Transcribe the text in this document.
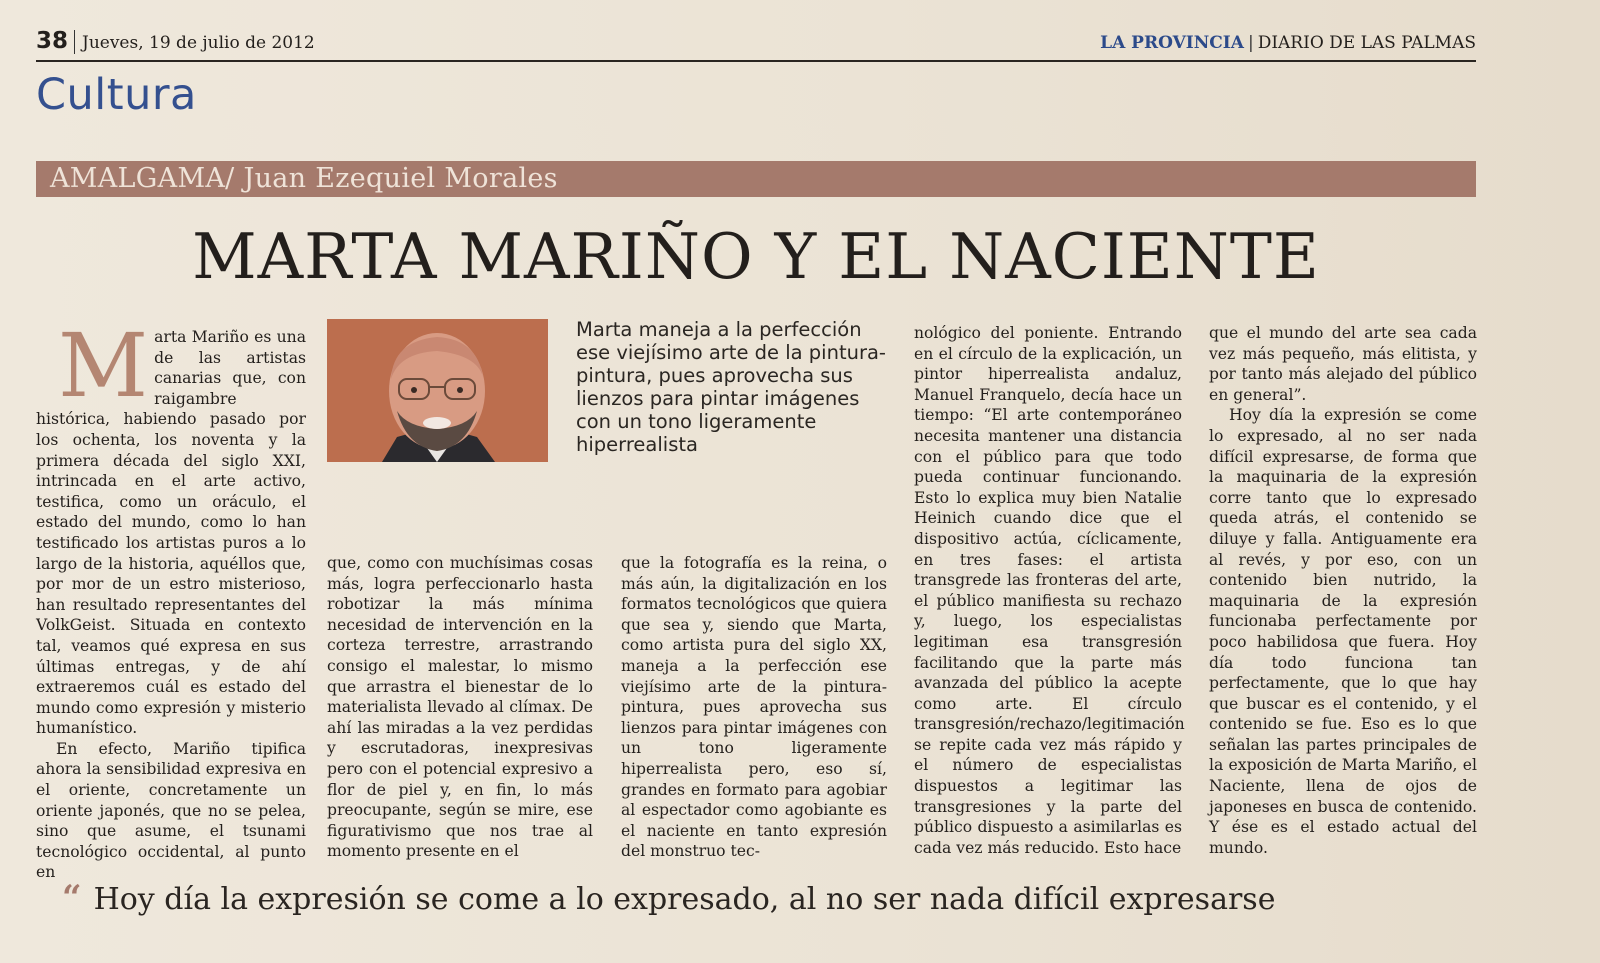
38 Jueves, 19 de julio de 2012	LA PROVINCIA | DIARIO DE LAS PALMAS
Cultura
AMALGAMA/ Juan Ezequiel Morales
MARTA MARIÑO Y EL NACIENTE

Marta Mariño es una de las artistas canarias que, con raigambre histórica, habiendo pasado por los ochenta, los noventa y la primera década del siglo XXI, intrincada en el arte activo, testifica, como un oráculo, el estado del mundo, como lo han testificado los artistas puros a lo largo de la historia, aquéllos que, por mor de un estro misterioso, han resultado representantes del VolkGeist. Situada en contexto tal, veamos qué expresa en sus últimas entregas, y de ahí extraeremos cuál es estado del mundo como expresión y misterio humanístico.

En efecto, Mariño tipifica ahora la sensibilidad expresiva en el oriente, concretamente un oriente japonés, que no se pelea, sino que asume, el tsunami tecnológico occidental, al punto en

Marta maneja a la perfección ese viejísimo arte de la pintura-pintura, pues aprovecha sus lienzos para pintar imágenes con un tono ligeramente hiperrealista

que, como con muchísimas cosas más, logra perfeccionarlo hasta robotizar la más mínima necesidad de intervención en la corteza terrestre, arrastrando consigo el malestar, lo mismo que arrastra el bienestar de lo materialista llevado al clímax. De ahí las miradas a la vez perdidas y escrutadoras, inexpresivas pero con el potencial expresivo a flor de piel y, en fin, lo más preocupante, según se mire, ese figurativismo que nos trae al momento presente en el

que la fotografía es la reina, o más aún, la digitalización en los formatos tecnológicos que quiera que sea y, siendo que Marta, como artista pura del siglo XX, maneja a la perfección ese viejísimo arte de la pintura-pintura, pues aprovecha sus lienzos para pintar imágenes con un tono ligeramente hiperrealista pero, eso sí, grandes en formato para agobiar al espectador como agobiante es el naciente en tanto expresión del monstruo tec-

nológico del poniente. Entrando en el círculo de la explicación, un pintor hiperrealista andaluz, Manuel Franquelo, decía hace un tiempo: “El arte contemporáneo necesita mantener una distancia con el público para que todo pueda continuar funcionando. Esto lo explica muy bien Natalie Heinich cuando dice que el dispositivo actúa, cíclicamente, en tres fases: el artista transgrede las fronteras del arte, el público manifiesta su rechazo y, luego, los especialistas legitiman esa transgresión facilitando que la parte más avanzada del público la acepte como arte. El círculo transgresión/rechazo/legitimación se repite cada vez más rápido y el número de especialistas dispuestos a legitimar las transgresiones y la parte del público dispuesto a asimilarlas es cada vez más reducido. Esto hace

que el mundo del arte sea cada vez más pequeño, más elitista, y por tanto más alejado del público en general”.

Hoy día la expresión se come lo expresado, al no ser nada difícil expresarse, de forma que la maquinaria de la expresión corre tanto que lo expresado queda atrás, el contenido se diluye y falla. Antiguamente era al revés, y por eso, con un contenido bien nutrido, la maquinaria de la expresión funcionaba perfectamente por poco habilidosa que fuera. Hoy día todo funciona tan perfectamente, que lo que hay que buscar es el contenido, y el contenido se fue. Eso es lo que señalan las partes principales de la exposición de Marta Mariño, el Naciente, llena de ojos de japoneses en busca de contenido. Y ése es el estado actual del mundo.

“ Hoy día la expresión se come a lo expresado, al no ser nada difícil expresarse
